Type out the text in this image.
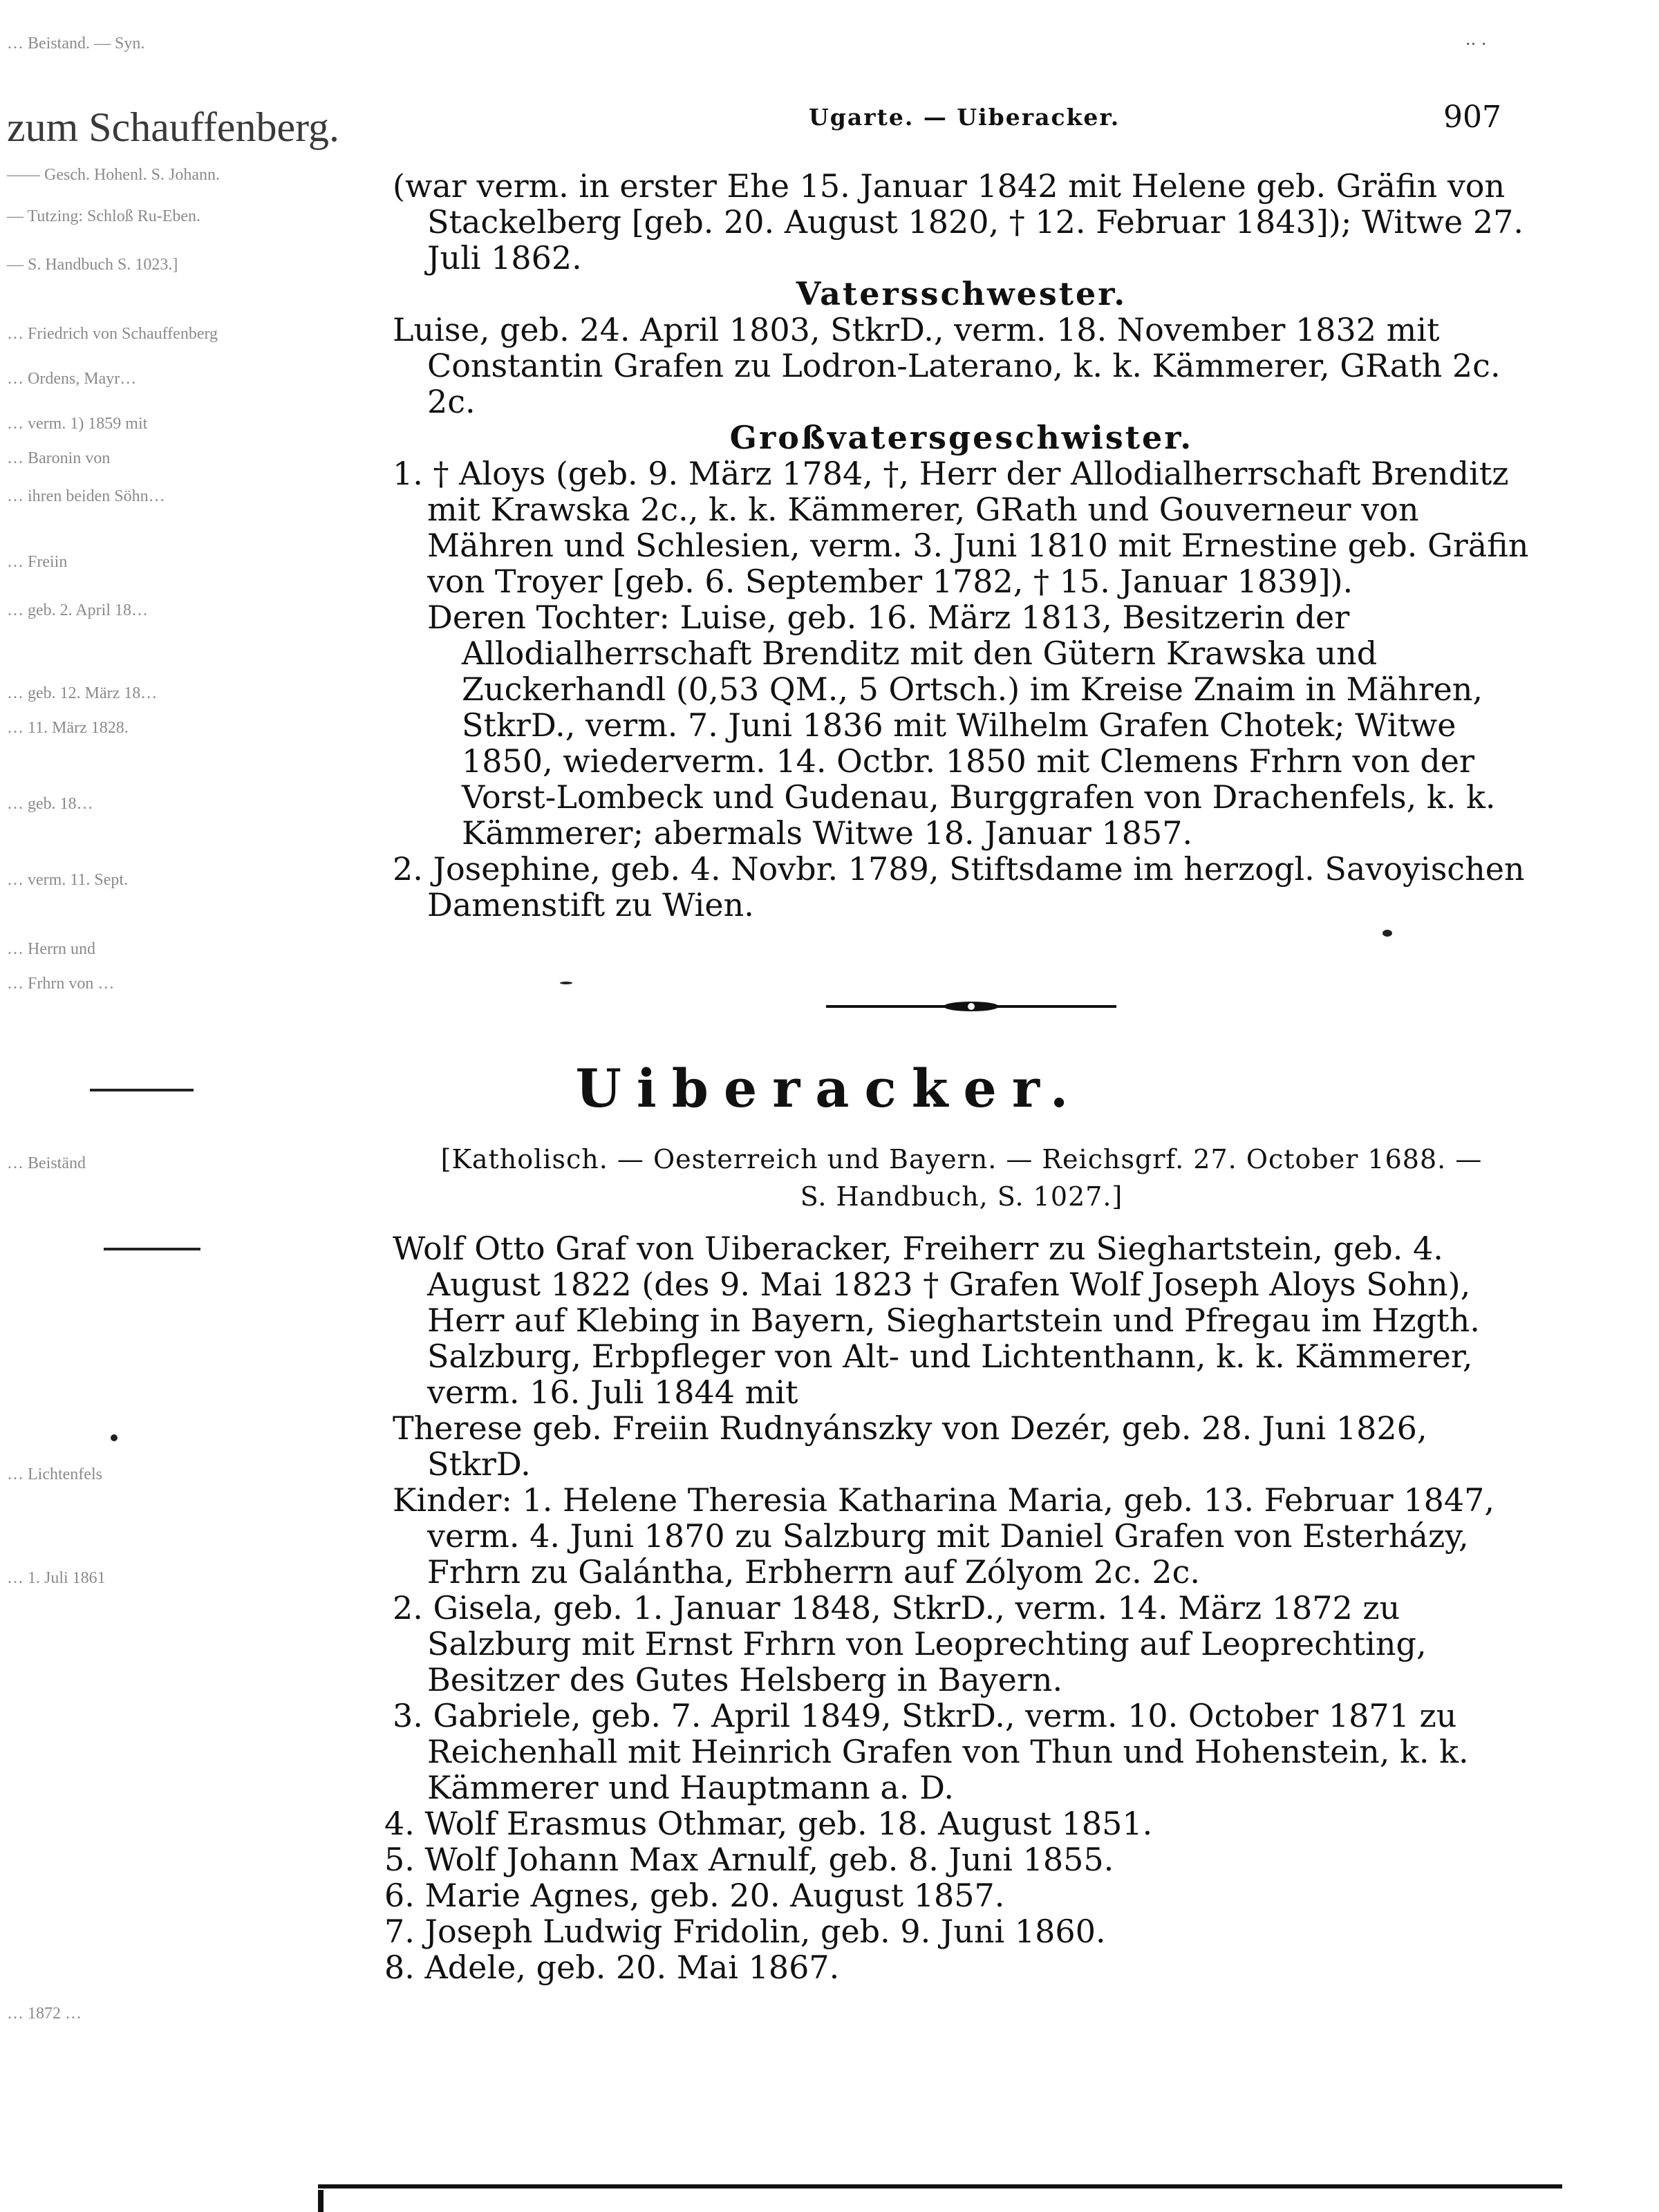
… Beistand. — Syn.
zum Schauffenberg.
—— Gesch. Hohenl. S. Johann.
— Tutzing: Schloß Ru-Eben.
— S. Handbuch S. 1023.]
… Friedrich von Schauffenberg
… Ordens, Mayr…
… verm. 1) 1859 mit
… Baronin von
… ihren beiden Söhn…
… Freiin
… geb. 2. April 18…
… geb. 12. März 18…
… 11. März 1828.
… geb. 18…
… verm. 11. Sept.
… Herrn und
… Frhrn von …
… Beiständ
… Lichtenfels
… 1. Juli 1861
… 1872 …
·· ·
Ugarte. — Uiberacker.	907

(war verm. in erster Ehe 15. Januar 1842 mit Helene geb. Gräfin von Stackelberg [geb. 20. August 1820, † 12. Februar 1843]); Witwe 27. Juli 1862.

Vatersschwester.

Luise, geb. 24. April 1803, StkrD., verm. 18. November 1832 mit Constantin Grafen zu Lodron-Laterano, k. k. Kämmerer, GRath 2c. 2c.

Großvatersgeschwister.

1. † Aloys (geb. 9. März 1784, †, Herr der Allodialherrschaft Brenditz mit Krawska 2c., k. k. Kämmerer, GRath und Gouverneur von Mähren und Schlesien, verm. 3. Juni 1810 mit Ernestine geb. Gräfin von Troyer [geb. 6. September 1782, † 15. Januar 1839]).

Deren Tochter: Luise, geb. 16. März 1813, Besitzerin der Allodialherrschaft Brenditz mit den Gütern Krawska und Zuckerhandl (0,53 QM., 5 Ortsch.) im Kreise Znaim in Mähren, StkrD., verm. 7. Juni 1836 mit Wilhelm Grafen Chotek; Witwe 1850, wiederverm. 14. Octbr. 1850 mit Clemens Frhrn von der Vorst-Lombeck und Gudenau, Burggrafen von Drachenfels, k. k. Kämmerer; abermals Witwe 18. Januar 1857.

2. Josephine, geb. 4. Novbr. 1789, Stiftsdame im herzogl. Savoyischen Damenstift zu Wien.

Uiberacker.
[Katholisch. — Oesterreich und Bayern. — Reichsgrf. 27. October 1688. —
S. Handbuch, S. 1027.]

Wolf Otto Graf von Uiberacker, Freiherr zu Sieghartstein, geb. 4. August 1822 (des 9. Mai 1823 † Grafen Wolf Joseph Aloys Sohn), Herr auf Klebing in Bayern, Sieghartstein und Pfregau im Hzgth. Salzburg, Erbpfleger von Alt- und Lichtenthann, k. k. Kämmerer, verm. 16. Juli 1844 mit

Therese geb. Freiin Rudnyánszky von Dezér, geb. 28. Juni 1826, StkrD.

Kinder: 1. Helene Theresia Katharina Maria, geb. 13. Februar 1847, verm. 4. Juni 1870 zu Salzburg mit Daniel Grafen von Esterházy, Frhrn zu Galántha, Erbherrn auf Zólyom 2c. 2c.

2. Gisela, geb. 1. Januar 1848, StkrD., verm. 14. März 1872 zu Salzburg mit Ernst Frhrn von Leoprechting auf Leoprechting, Besitzer des Gutes Helsberg in Bayern.

3. Gabriele, geb. 7. April 1849, StkrD., verm. 10. October 1871 zu Reichenhall mit Heinrich Grafen von Thun und Hohenstein, k. k. Kämmerer und Hauptmann a. D.

4. Wolf Erasmus Othmar, geb. 18. August 1851.

5. Wolf Johann Max Arnulf, geb. 8. Juni 1855.

6. Marie Agnes, geb. 20. August 1857.

7. Joseph Ludwig Fridolin, geb. 9. Juni 1860.

8. Adele, geb. 20. Mai 1867.
